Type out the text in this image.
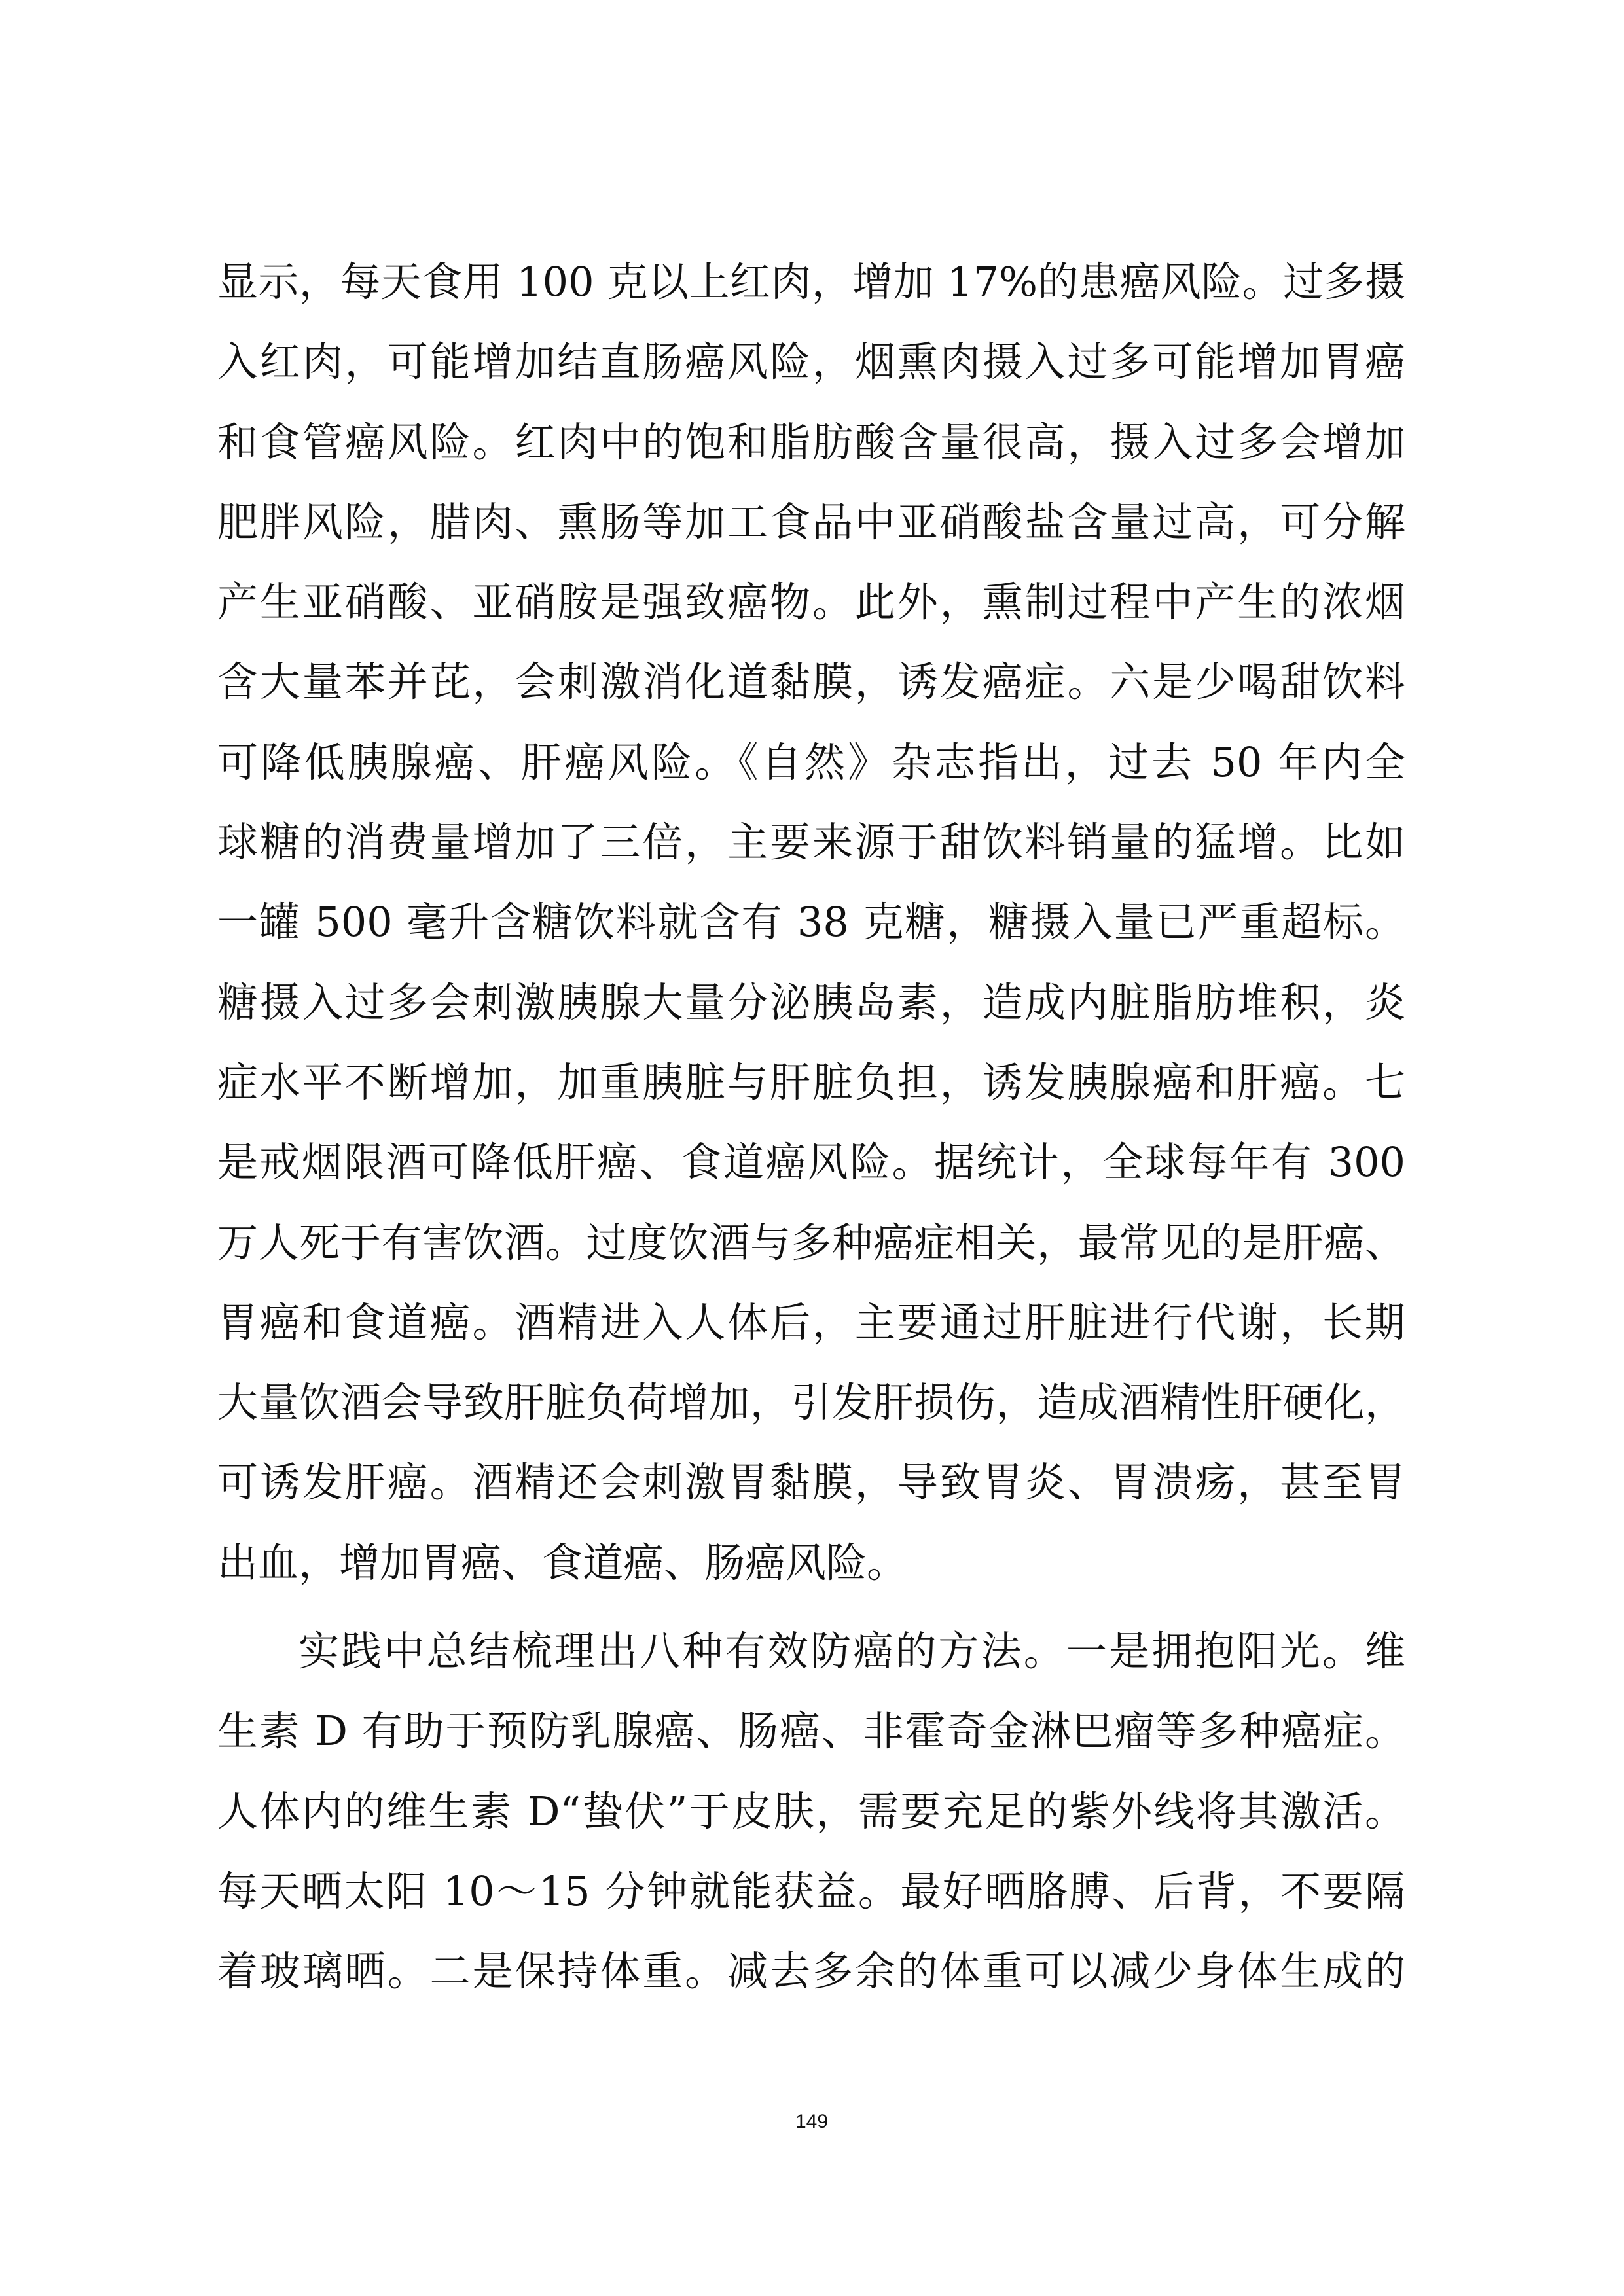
显示，每天食用 100 克以上红肉，增加 17%的患癌风险。过多摄
入红肉，可能增加结直肠癌风险，烟熏肉摄入过多可能增加胃癌
和食管癌风险。红肉中的饱和脂肪酸含量很高，摄入过多会增加
肥胖风险，腊肉、熏肠等加工食品中亚硝酸盐含量过高，可分解
产生亚硝酸、亚硝胺是强致癌物。此外，熏制过程中产生的浓烟
含大量苯并芘，会刺激消化道黏膜，诱发癌症。六是少喝甜饮料
可降低胰腺癌、肝癌风险。《自然》杂志指出，过去 50 年内全
球糖的消费量增加了三倍，主要来源于甜饮料销量的猛增。比如
一罐 500 毫升含糖饮料就含有 38 克糖，糖摄入量已严重超标。
糖摄入过多会刺激胰腺大量分泌胰岛素，造成内脏脂肪堆积，炎
症水平不断增加，加重胰脏与肝脏负担，诱发胰腺癌和肝癌。七
是戒烟限酒可降低肝癌、食道癌风险。据统计，全球每年有 300
万人死于有害饮酒。过度饮酒与多种癌症相关，最常见的是肝癌、
胃癌和食道癌。酒精进入人体后，主要通过肝脏进行代谢，长期
大量饮酒会导致肝脏负荷增加，引发肝损伤，造成酒精性肝硬化，
可诱发肝癌。酒精还会刺激胃黏膜，导致胃炎、胃溃疡，甚至胃
出血，增加胃癌、食道癌、肠癌风险。
实践中总结梳理出八种有效防癌的方法。一是拥抱阳光。维
生素 D 有助于预防乳腺癌、肠癌、非霍奇金淋巴瘤等多种癌症。
人体内的维生素 D“蛰伏”于皮肤，需要充足的紫外线将其激活。
每天晒太阳 10～15 分钟就能获益。最好晒胳膊、后背，不要隔
着玻璃晒。二是保持体重。减去多余的体重可以减少身体生成的
149
